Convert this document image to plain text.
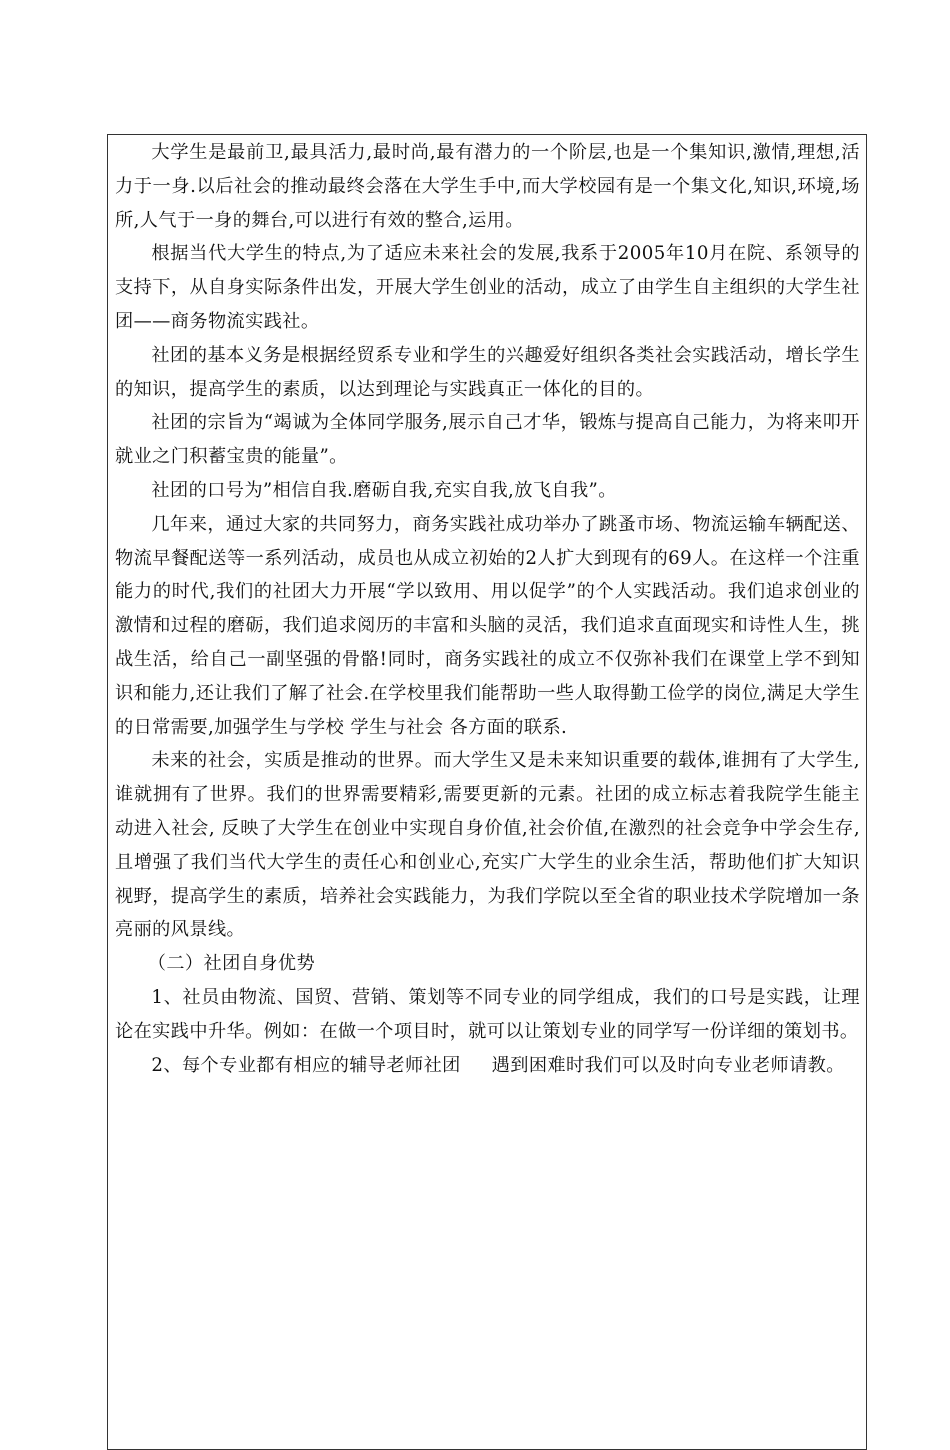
大学生是最前卫,最具活力,最时尚,最有潜力的一个阶层,也是一个集知识,激情,理想,活力于一身.以后社会的推动最终会落在大学生手中,而大学校园有是一个集文化,知识,环境,场所,人气于一身的舞台,可以进行有效的整合,运用。

根据当代大学生的特点,为了适应未来社会的发展,我系于2005年10月在院、系领导的支持下，从自身实际条件出发，开展大学生创业的活动，成立了由学生自主组织的大学生社团——商务物流实践社。

社团的基本义务是根据经贸系专业和学生的兴趣爱好组织各类社会实践活动，增长学生的知识，提高学生的素质，以达到理论与实践真正一体化的目的。

社团的宗旨为“竭诚为全体同学服务,展示自己才华，锻炼与提高自己能力，为将来叩开就业之门积蓄宝贵的能量”。

社团的口号为”相信自我.磨砺自我,充实自我,放飞自我”。

几年来，通过大家的共同努力，商务实践社成功举办了跳蚤市场、物流运输车辆配送、物流早餐配送等一系列活动，成员也从成立初始的2人扩大到现有的69人。在这样一个注重能力的时代,我们的社团大力开展“学以致用、用以促学”的个人实践活动。我们追求创业的激情和过程的磨砺，我们追求阅历的丰富和头脑的灵活，我们追求直面现实和诗性人生，挑战生活，给自己一副坚强的骨骼!同时，商务实践社的成立不仅弥补我们在课堂上学不到知识和能力,还让我们了解了社会.在学校里我们能帮助一些人取得勤工俭学的岗位,满足大学生的日常需要,加强学生与学校 学生与社会 各方面的联系.

未来的社会，实质是推动的世界。而大学生又是未来知识重要的载体,谁拥有了大学生,谁就拥有了世界。我们的世界需要精彩,需要更新的元素。社团的成立标志着我院学生能主动进入社会, 反映了大学生在创业中实现自身价值,社会价值,在激烈的社会竞争中学会生存,且增强了我们当代大学生的责任心和创业心,充实广大学生的业余生活，帮助他们扩大知识视野，提高学生的素质，培养社会实践能力，为我们学院以至全省的职业技术学院增加一条亮丽的风景线。

（二）社团自身优势

1、社员由物流、国贸、营销、策划等不同专业的同学组成，我们的口号是实践，让理论在实践中升华。例如：在做一个项目时，就可以让策划专业的同学写一份详细的策划书。

2、每个专业都有相应的辅导老师社团     遇到困难时我们可以及时向专业老师请教。
